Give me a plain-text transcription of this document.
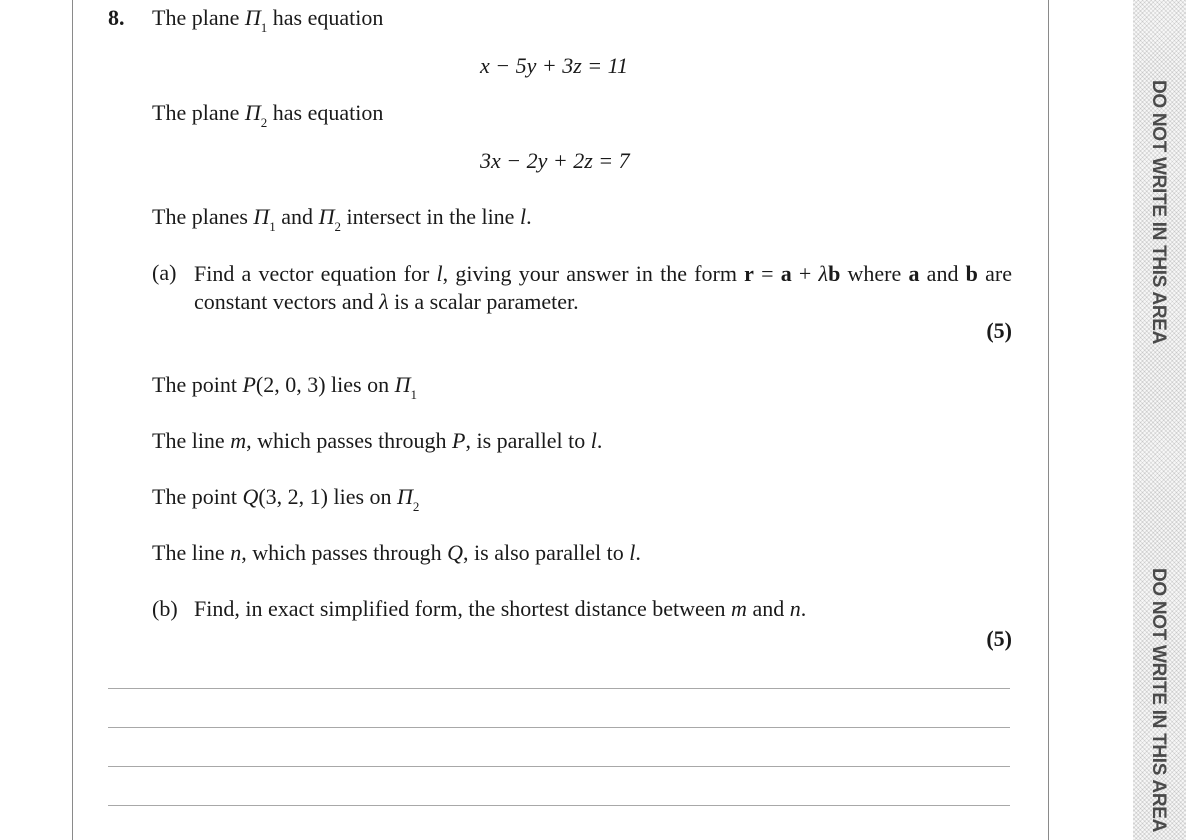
DO NOT WRITE IN THIS AREA
DO NOT WRITE IN THIS AREA
8. The plane $\Pi_1$ has equation
x − 5y + 3z = 11
The plane $\Pi_2$ has equation
3x − 2y + 2z = 7
The planes $\Pi_1$ and $\Pi_2$ intersect in the line l.
(a) Find a vector equation for l, giving your answer in the form r = a + λb where a and b are constant vectors and λ is a scalar parameter.
(5)
The point P(2, 0, 3) lies on $\Pi_1$
The line m, which passes through P, is parallel to l.
The point Q(3, 2, 1) lies on $\Pi_2$
The line n, which passes through Q, is also parallel to l.
(b) Find, in exact simplified form, the shortest distance between m and n.
(5)
